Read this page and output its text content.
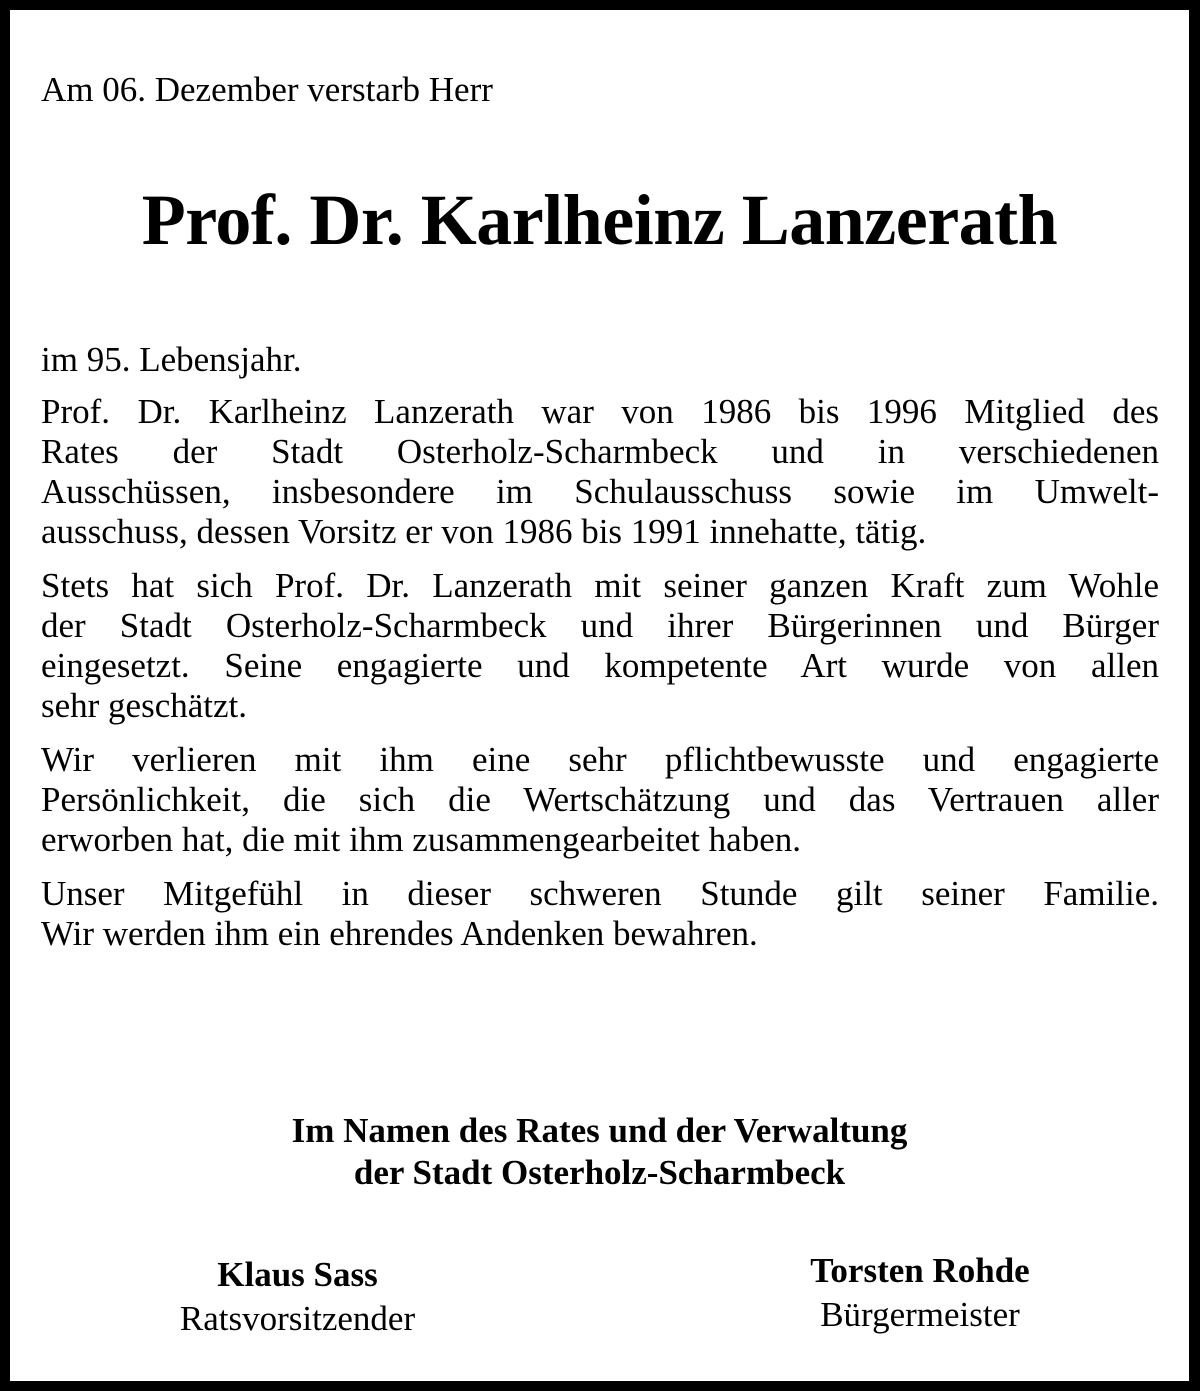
Am 06. Dezember verstarb Herr
Prof. Dr. Karlheinz Lanzerath
im 95. Lebensjahr.
Prof. Dr. Karlheinz Lanzerath war von 1986 bis 1996 Mitglied des
Rates der Stadt Osterholz-Scharmbeck und in verschiedenen
Ausschüssen, insbesondere im Schulausschuss sowie im Umwelt-
ausschuss, dessen Vorsitz er von 1986 bis 1991 innehatte, tätig.
Stets hat sich Prof. Dr. Lanzerath mit seiner ganzen Kraft zum Wohle
der Stadt Osterholz-Scharmbeck und ihrer Bürgerinnen und Bürger
eingesetzt. Seine engagierte und kompetente Art wurde von allen
sehr geschätzt.
Wir verlieren mit ihm eine sehr pflichtbewusste und engagierte
Persönlichkeit, die sich die Wertschätzung und das Vertrauen aller
erworben hat, die mit ihm zusammengearbeitet haben.
Unser Mitgefühl in dieser schweren Stunde gilt seiner Familie.
Wir werden ihm ein ehrendes Andenken bewahren.
Im Namen des Rates und der Verwaltung
der Stadt Osterholz-Scharmbeck
Klaus Sass
Ratsvorsitzender
Torsten Rohde
Bürgermeister
